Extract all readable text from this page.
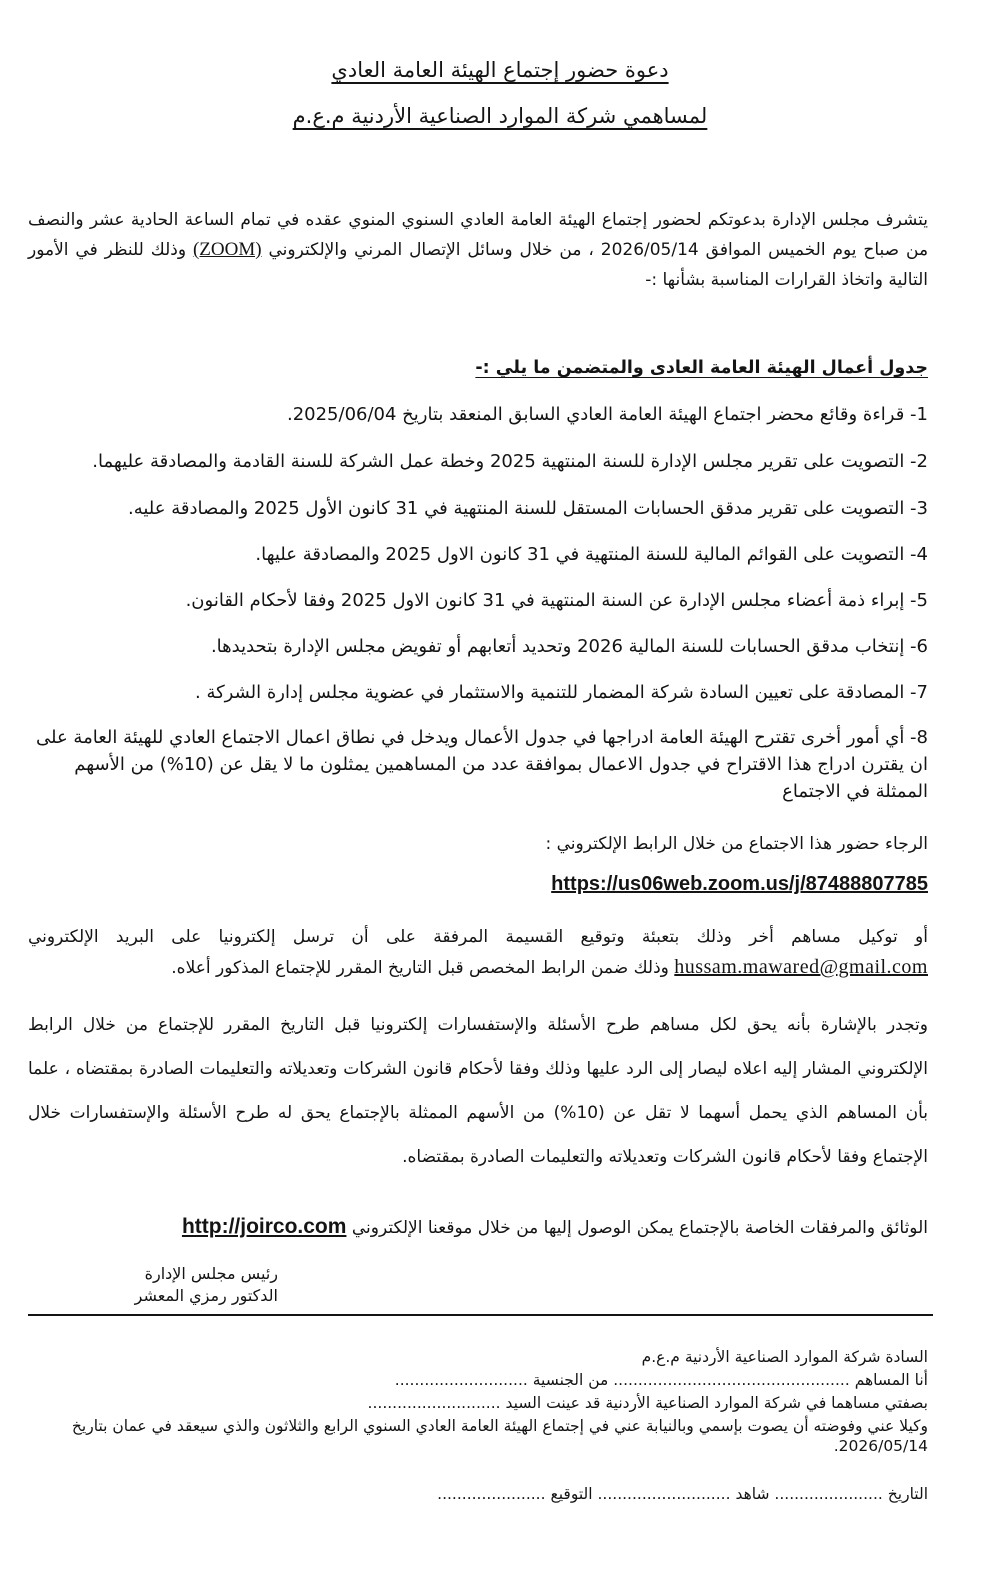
دعوة حضور إجتماع الهيئة العامة العادي
لمساهمي شركة الموارد الصناعية الأردنية م.ع.م
يتشرف مجلس الإدارة بدعوتكم لحضور إجتماع الهيئة العامة العادي السنوي المنوي عقده في تمام الساعة الحادية عشر والنصف من صباح يوم الخميس الموافق 2026/05/14 ، من خلال وسائل الإتصال المرني والإلكتروني (ZOOM) وذلك للنظر في الأمور التالية واتخاذ القرارات المناسبة بشأنها :-
جدول أعمال الهيئة العامة العادى والمتضمن ما يلي :-
1- قراءة وقائع محضر اجتماع الهيئة العامة العادي السابق المنعقد بتاريخ 2025/06/04.
2- التصويت على تقرير مجلس الإدارة للسنة المنتهية 2025 وخطة عمل الشركة للسنة القادمة والمصادقة عليهما.
3- التصويت على تقرير مدقق الحسابات المستقل للسنة المنتهية في 31 كانون الأول 2025 والمصادقة عليه.
4- التصويت على القوائم المالية للسنة المنتهية في 31 كانون الاول 2025 والمصادقة عليها.
5- إبراء ذمة أعضاء مجلس الإدارة عن السنة المنتهية في 31 كانون الاول 2025 وفقا لأحكام القانون.
6- إنتخاب مدقق الحسابات للسنة المالية 2026 وتحديد أتعابهم أو تفويض مجلس الإدارة بتحديدها.
7- المصادقة على تعيين السادة شركة المضمار للتنمية والاستثمار في عضوية مجلس إدارة الشركة .
8- أي أمور أخرى تقترح الهيئة العامة ادراجها في جدول الأعمال ويدخل في نطاق اعمال الاجتماع العادي للهيئة العامة على ان يقترن ادراج هذا الاقتراح في جدول الاعمال بموافقة عدد من المساهمين يمثلون ما لا يقل عن (10%) من الأسهم الممثلة في الاجتماع
الرجاء حضور هذا الاجتماع من خلال الرابط الإلكتروني :
https://us06web.zoom.us/j/87488807785
أو توكيل مساهم أخر وذلك بتعبئة وتوقيع القسيمة المرفقة على أن ترسل إلكترونيا على البريد الإلكتروني hussam.mawared@gmail.com وذلك ضمن الرابط المخصص قبل التاريخ المقرر للإجتماع المذكور أعلاه.
وتجدر بالإشارة بأنه يحق لكل مساهم طرح الأسئلة والإستفسارات إلكترونيا قبل التاريخ المقرر للإجتماع من خلال الرابط الإلكتروني المشار إليه اعلاه ليصار إلى الرد عليها وذلك وفقا لأحكام قانون الشركات وتعديلاته والتعليمات الصادرة بمقتضاه ، علما بأن المساهم الذي يحمل أسهما لا تقل عن (10%) من الأسهم الممثلة بالإجتماع يحق له طرح الأسئلة والإستفسارات خلال الإجتماع وفقا لأحكام قانون الشركات وتعديلاته والتعليمات الصادرة بمقتضاه.
الوثائق والمرفقات الخاصة بالإجتماع يمكن الوصول إليها من خلال موقعنا الإلكتروني http://joirco.com
رئيس مجلس الإدارة
الدكتور رمزي المعشر
السادة شركة الموارد الصناعية الأردنية م.ع.م
أنا المساهم ................................................ من الجنسية ...........................
بصفتي مساهما في شركة الموارد الصناعية الأردنية قد عينت السيد ...........................
وكيلا عني وفوضته أن يصوت بإسمي وبالنيابة عني في إجتماع الهيئة العامة العادي السنوي الرابع والثلاثون والذي سيعقد في عمان بتاريخ 2026/05/14.
التاريخ ...................... شاهد ........................... التوقيع ......................
